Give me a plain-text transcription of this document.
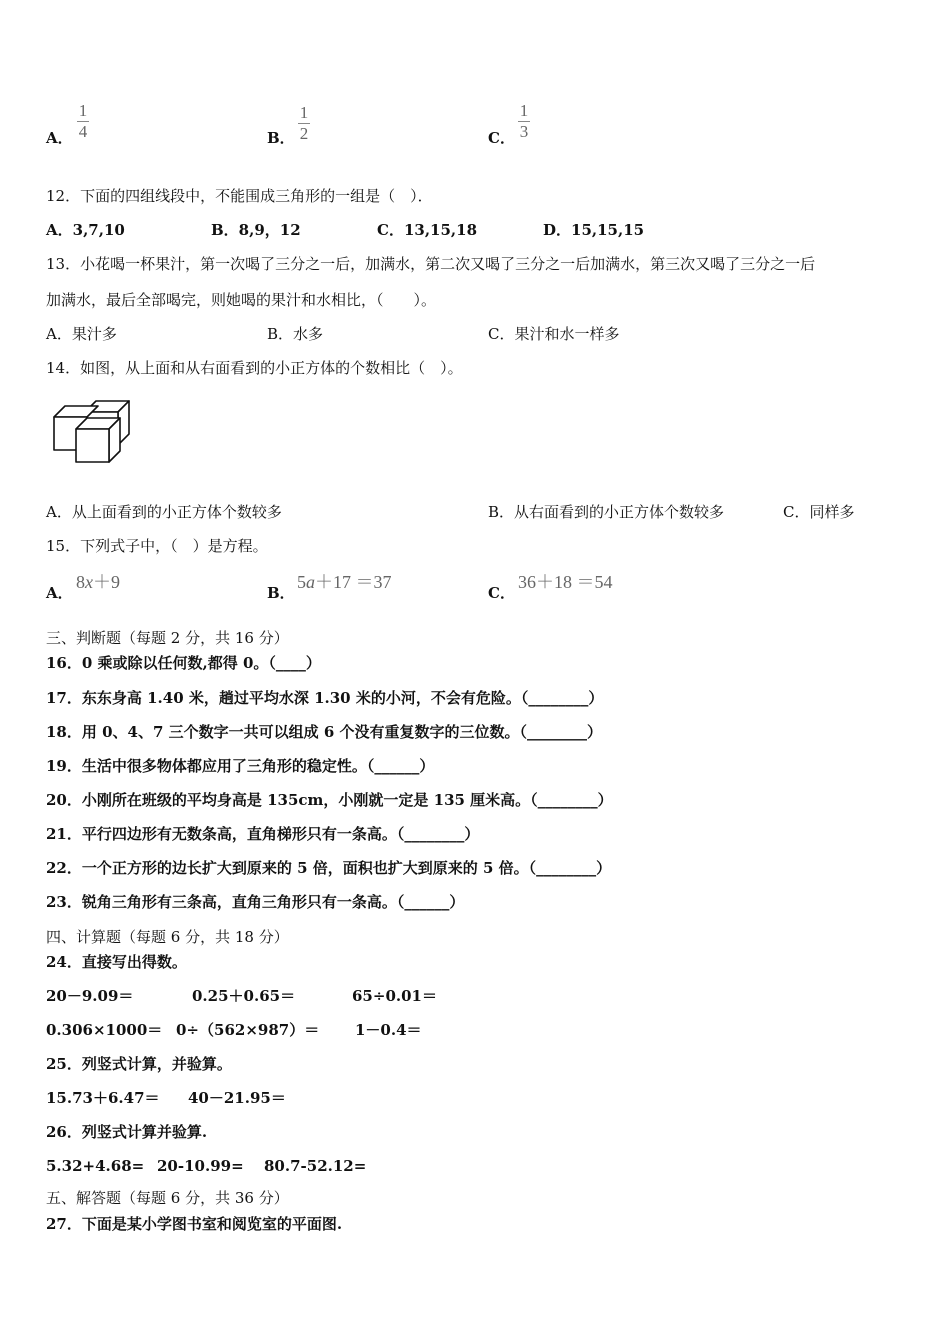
A．
1
4	B．
1
2	C．
1
3
12．下面的四组线段中，不能围成三角形的一组是（　）．
A．3,7,10	B．8,9，12	C．13,15,18	D．15,15,15
13．小花喝一杯果汁，第一次喝了三分之一后，加满水，第二次又喝了三分之一后加满水，第三次又喝了三分之一后
加满水，最后全部喝完，则她喝的果汁和水相比，（　　）。
A．果汁多	B．水多	C．果汁和水一样多
14．如图，从上面和从右面看到的小正方体的个数相比（　）。
A．从上面看到的小正方体个数较多	B．从右面看到的小正方体个数较多	C．同样多
15．下列式子中，（　）是方程。
A．
8x＋9
B．
5a＋17 ＝37
C．
36＋18 ＝54
三、判断题（每题 2 分，共 16 分）
16．0 乘或除以任何数,都得 0。（____）
17．东东身高 1.40 米，趟过平均水深 1.30 米的小河，不会有危险。（________）
18．用 0、4、7 三个数字一共可以组成 6 个没有重复数字的三位数。（________）
19．生活中很多物体都应用了三角形的稳定性。（______）
20．小刚所在班级的平均身高是 135cm，小刚就一定是 135 厘米高。（________）
21．平行四边形有无数条高，直角梯形只有一条高。（________）
22．一个正方形的边长扩大到原来的 5 倍，面积也扩大到原来的 5 倍。（________）
23．锐角三角形有三条高，直角三角形只有一条高。（______）
四、计算题（每题 6 分，共 18 分）
24．直接写出得数。
20－9.09＝	0.25＋0.65＝	65÷0.01＝
0.306×1000＝ 0÷（562×987）＝ 1－0.4＝
25．列竖式计算，并验算。
15.73＋6.47＝ 40－21.95＝
26．列竖式计算并验算.
5.32+4.68= 20-10.99= 80.7-52.12=
五、解答题（每题 6 分，共 36 分）
27．下面是某小学图书室和阅览室的平面图.
